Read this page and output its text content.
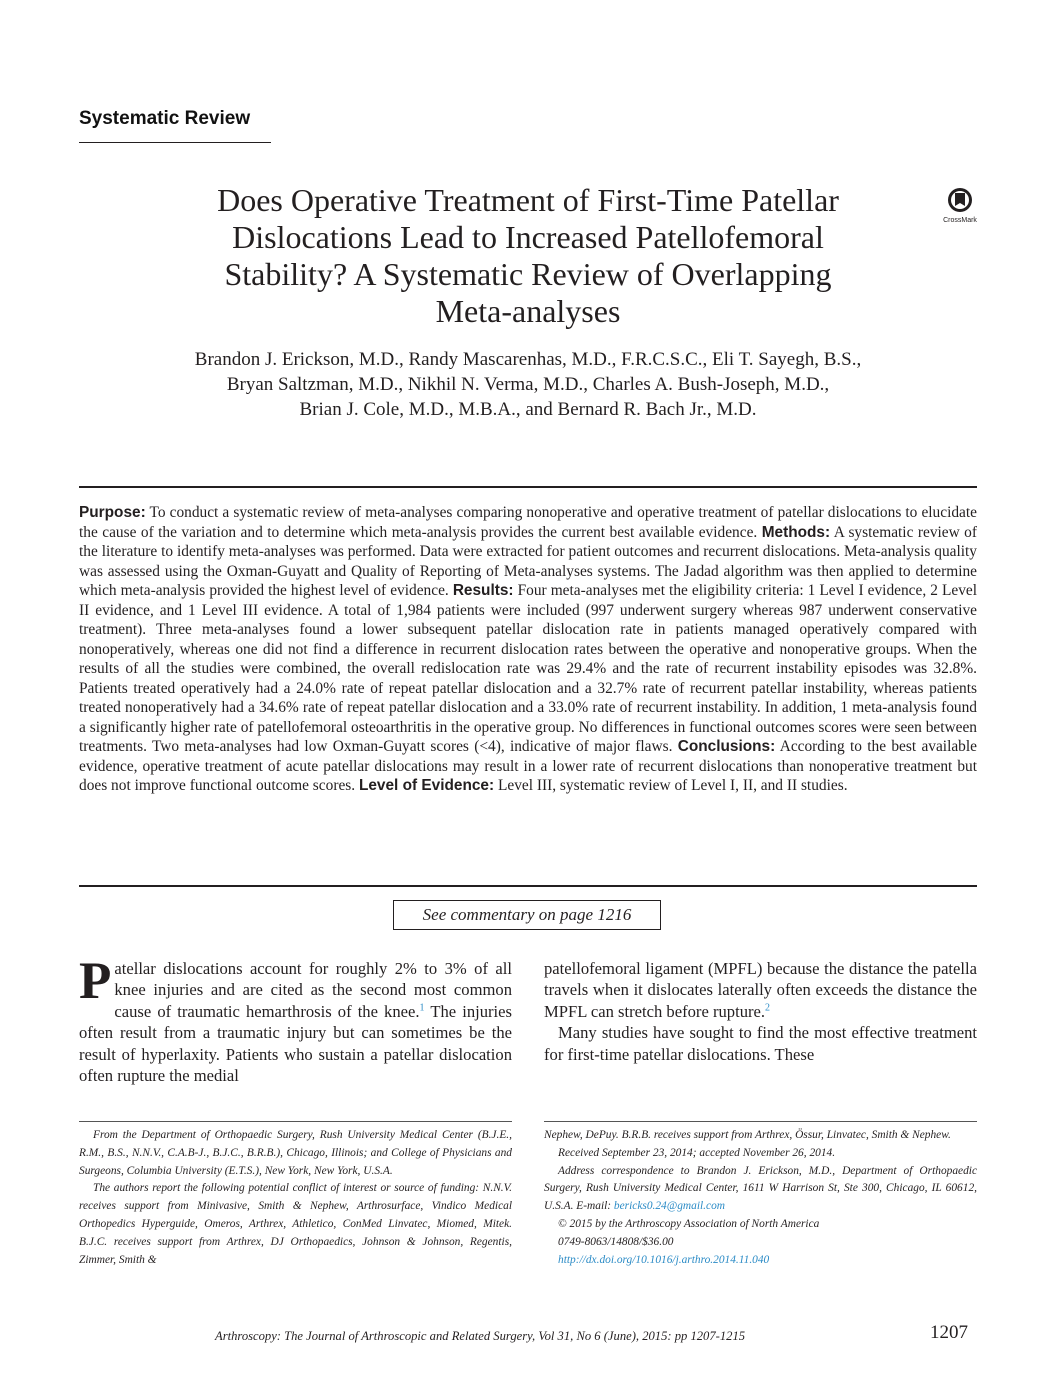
Systematic Review
Does Operative Treatment of First-Time Patellar
Dislocations Lead to Increased Patellofemoral
Stability? A Systematic Review of Overlapping
Meta-analyses
CrossMark
Brandon J. Erickson, M.D., Randy Mascarenhas, M.D., F.R.C.S.C., Eli T. Sayegh, B.S.,
Bryan Saltzman, M.D., Nikhil N. Verma, M.D., Charles A. Bush-Joseph, M.D.,
Brian J. Cole, M.D., M.B.A., and Bernard R. Bach Jr., M.D.
Purpose: To conduct a systematic review of meta-analyses comparing nonoperative and operative treatment of patellar dislocations to elucidate the cause of the variation and to determine which meta-analysis provides the current best available evidence. Methods: A systematic review of the literature to identify meta-analyses was performed. Data were extracted for patient outcomes and recurrent dislocations. Meta-analysis quality was assessed using the Oxman-Guyatt and Quality of Reporting of Meta-analyses systems. The Jadad algorithm was then applied to determine which meta-analysis provided the highest level of evidence. Results: Four meta-analyses met the eligibility criteria: 1 Level I evidence, 2 Level II evidence, and 1 Level III evidence. A total of 1,984 patients were included (997 underwent surgery whereas 987 underwent conservative treatment). Three meta-analyses found a lower subsequent patellar dislocation rate in patients managed operatively compared with nonoperatively, whereas one did not find a difference in recurrent dislocation rates between the operative and nonoperative groups. When the results of all the studies were combined, the overall redislocation rate was 29.4% and the rate of recurrent instability episodes was 32.8%. Patients treated operatively had a 24.0% rate of repeat patellar dislocation and a 32.7% rate of recurrent patellar instability, whereas patients treated nonoperatively had a 34.6% rate of repeat patellar dislocation and a 33.0% rate of recurrent instability. In addition, 1 meta-analysis found a significantly higher rate of patellofemoral osteoarthritis in the operative group. No differences in functional outcomes scores were seen between treatments. Two meta-analyses had low Oxman-Guyatt scores (<4), indicative of major flaws. Conclusions: According to the best available evidence, operative treatment of acute patellar dislocations may result in a lower rate of recurrent dislocations than nonoperative treatment but does not improve functional outcome scores. Level of Evidence: Level III, systematic review of Level I, II, and II studies.
See commentary on page 1216

Patellar dislocations account for roughly 2% to 3% of all knee injuries and are cited as the second most common cause of traumatic hemarthrosis of the knee.$^1$ The injuries often result from a traumatic injury but can sometimes be the result of hyperlaxity. Patients who sustain a patellar dislocation often rupture the medial

patellofemoral ligament (MPFL) because the distance the patella travels when it dislocates laterally often exceeds the distance the MPFL can stretch before rupture.$^2$

Many studies have sought to find the most effective treatment for first-time patellar dislocations. These

From the Department of Orthopaedic Surgery, Rush University Medical Center (B.J.E., R.M., B.S., N.N.V., C.A.B-J., B.J.C., B.R.B.), Chicago, Illinois; and College of Physicians and Surgeons, Columbia University (E.T.S.), New York, New York, U.S.A.

The authors report the following potential conflict of interest or source of funding: N.N.V. receives support from Minivasive, Smith & Nephew, Arthrosurface, Vindico Medical Orthopedics Hyperguide, Omeros, Arthrex, Athletico, ConMed Linvatec, Miomed, Mitek. B.J.C. receives support from Arthrex, DJ Orthopaedics, Johnson & Johnson, Regentis, Zimmer, Smith &

Nephew, DePuy. B.R.B. receives support from Arthrex, Össur, Linvatec, Smith & Nephew.

Received September 23, 2014; accepted November 26, 2014.

Address correspondence to Brandon J. Erickson, M.D., Department of Orthopaedic Surgery, Rush University Medical Center, 1611 W Harrison St, Ste 300, Chicago, IL 60612, U.S.A. E-mail: bericks0.24@gmail.com

© 2015 by the Arthroscopy Association of North America

0749-8063/14808/$36.00

http://dx.doi.org/10.1016/j.arthro.2014.11.040

Arthroscopy: The Journal of Arthroscopic and Related Surgery, Vol 31, No 6 (June), 2015: pp 1207-1215	1207
